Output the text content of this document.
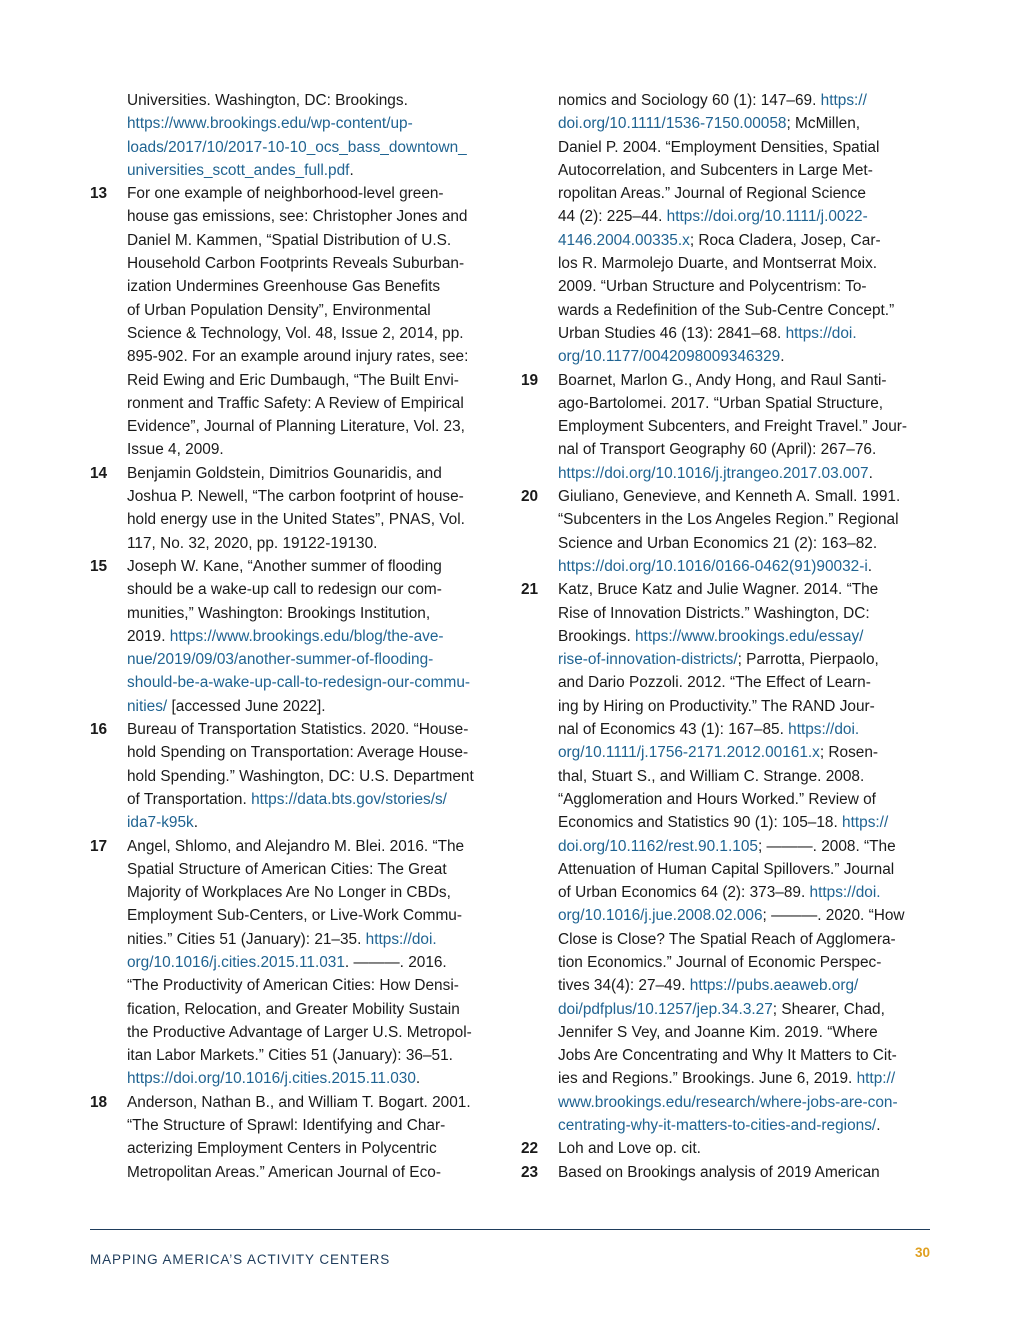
Universities. Washington, DC: Brookings.
https://www.brookings.edu/wp-content/up-
loads/2017/10/2017-10-10_ocs_bass_downtown_
universities_scott_andes_full.pdf.
13 For one example of neighborhood-level green-
house gas emissions, see: Christopher Jones and
Daniel M. Kammen, “Spatial Distribution of U.S.
Household Carbon Footprints Reveals Suburban-
ization Undermines Greenhouse Gas Benefits
of Urban Population Density”, Environmental
Science & Technology, Vol. 48, Issue 2, 2014, pp.
895-902. For an example around injury rates, see:
Reid Ewing and Eric Dumbaugh, “The Built Envi-
ronment and Traffic Safety: A Review of Empirical
Evidence”, Journal of Planning Literature, Vol. 23,
Issue 4, 2009.
14 Benjamin Goldstein, Dimitrios Gounaridis, and
Joshua P. Newell, “The carbon footprint of house-
hold energy use in the United States”, PNAS, Vol.
117, No. 32, 2020, pp. 19122-19130.
15 Joseph W. Kane, “Another summer of flooding
should be a wake-up call to redesign our com-
munities,” Washington: Brookings Institution,
2019. https://www.brookings.edu/blog/the-ave-
nue/2019/09/03/another-summer-of-flooding-
should-be-a-wake-up-call-to-redesign-our-commu-
nities/ [accessed June 2022].
16 Bureau of Transportation Statistics. 2020. “House-
hold Spending on Transportation: Average House-
hold Spending.” Washington, DC: U.S. Department
of Transportation. https://data.bts.gov/stories/s/
ida7-k95k.
17 Angel, Shlomo, and Alejandro M. Blei. 2016. “The
Spatial Structure of American Cities: The Great
Majority of Workplaces Are No Longer in CBDs,
Employment Sub-Centers, or Live-Work Commu-
nities.” Cities 51 (January): 21–35. https://doi.
org/10.1016/j.cities.2015.11.031. ———. 2016.
“The Productivity of American Cities: How Densi-
fication, Relocation, and Greater Mobility Sustain
the Productive Advantage of Larger U.S. Metropol-
itan Labor Markets.” Cities 51 (January): 36–51.
https://doi.org/10.1016/j.cities.2015.11.030.
18 Anderson, Nathan B., and William T. Bogart. 2001.
“The Structure of Sprawl: Identifying and Char-
acterizing Employment Centers in Polycentric
Metropolitan Areas.” American Journal of Eco-
nomics and Sociology 60 (1): 147–69. https://
doi.org/10.1111/1536-7150.00058; McMillen,
Daniel P. 2004. “Employment Densities, Spatial
Autocorrelation, and Subcenters in Large Met-
ropolitan Areas.” Journal of Regional Science
44 (2): 225–44. https://doi.org/10.1111/j.0022-
4146.2004.00335.x; Roca Cladera, Josep, Car-
los R. Marmolejo Duarte, and Montserrat Moix.
2009. “Urban Structure and Polycentrism: To-
wards a Redefinition of the Sub-Centre Concept.”
Urban Studies 46 (13): 2841–68. https://doi.
org/10.1177/0042098009346329.
19 Boarnet, Marlon G., Andy Hong, and Raul Santi-
ago-Bartolomei. 2017. “Urban Spatial Structure,
Employment Subcenters, and Freight Travel.” Jour-
nal of Transport Geography 60 (April): 267–76.
https://doi.org/10.1016/j.jtrangeo.2017.03.007.
20 Giuliano, Genevieve, and Kenneth A. Small. 1991.
“Subcenters in the Los Angeles Region.” Regional
Science and Urban Economics 21 (2): 163–82.
https://doi.org/10.1016/0166-0462(91)90032-i.
21 Katz, Bruce Katz and Julie Wagner. 2014. “The
Rise of Innovation Districts.” Washington, DC:
Brookings. https://www.brookings.edu/essay/
rise-of-innovation-districts/; Parrotta, Pierpaolo,
and Dario Pozzoli. 2012. “The Effect of Learn-
ing by Hiring on Productivity.” The RAND Jour-
nal of Economics 43 (1): 167–85. https://doi.
org/10.1111/j.1756-2171.2012.00161.x; Rosen-
thal, Stuart S., and William C. Strange. 2008.
“Agglomeration and Hours Worked.” Review of
Economics and Statistics 90 (1): 105–18. https://
doi.org/10.1162/rest.90.1.105; ———. 2008. “The
Attenuation of Human Capital Spillovers.” Journal
of Urban Economics 64 (2): 373–89. https://doi.
org/10.1016/j.jue.2008.02.006; ———. 2020. “How
Close is Close? The Spatial Reach of Agglomera-
tion Economics.” Journal of Economic Perspec-
tives 34(4): 27–49. https://pubs.aeaweb.org/
doi/pdfplus/10.1257/jep.34.3.27; Shearer, Chad,
Jennifer S Vey, and Joanne Kim. 2019. “Where
Jobs Are Concentrating and Why It Matters to Cit-
ies and Regions.” Brookings. June 6, 2019. http://
www.brookings.edu/research/where-jobs-are-con-
centrating-why-it-matters-to-cities-and-regions/.
22 Loh and Love op. cit.
23 Based on Brookings analysis of 2019 American
MAPPING AMERICA’S ACTIVITY CENTERS	30
